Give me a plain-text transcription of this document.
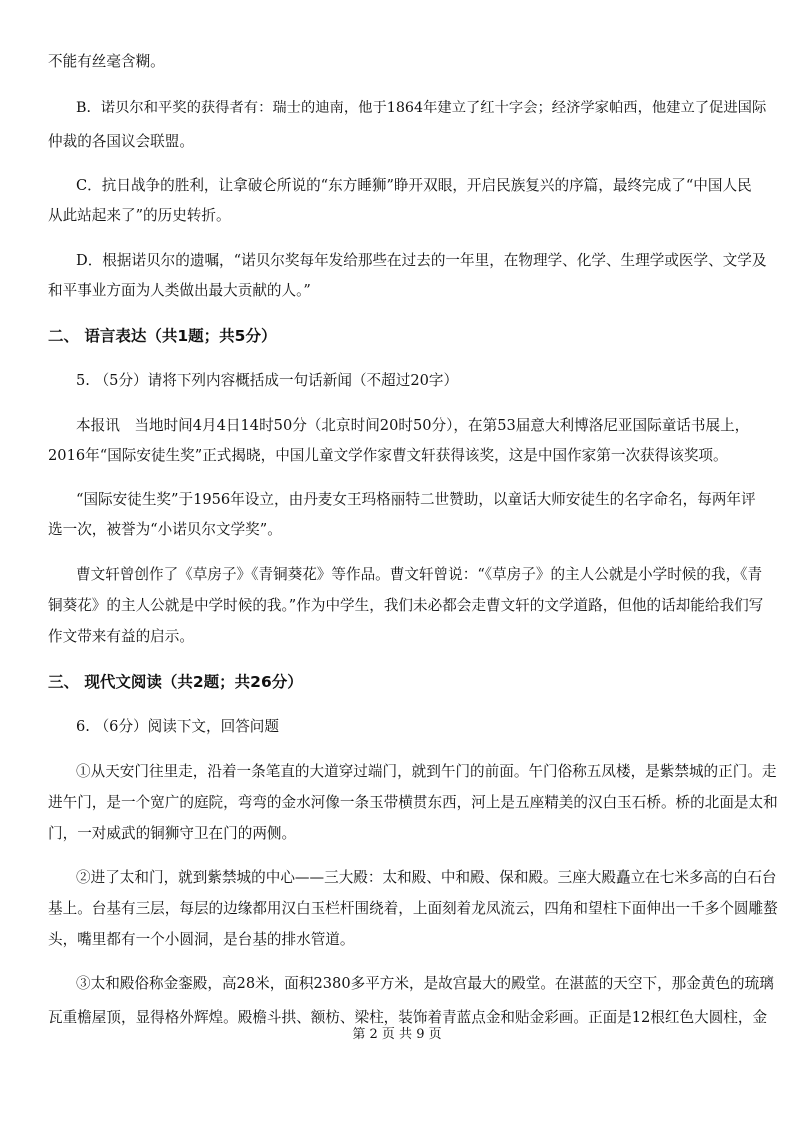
不能有丝毫含糊。
B．诺贝尔和平奖的获得者有：瑞士的迪南，他于1864年建立了红十字会；经济学家帕西，他建立了促进国际
仲裁的各国议会联盟。
C．抗日战争的胜利，让拿破仑所说的“东方睡狮”睁开双眼，开启民族复兴的序篇，最终完成了“中国人民
从此站起来了”的历史转折。
D．根据诺贝尔的遗嘱，“诺贝尔奖每年发给那些在过去的一年里，在物理学、化学、生理学或医学、文学及
和平事业方面为人类做出最大贡献的人。”
二、 语言表达（共1题；共5分）
5. （5分）请将下列内容概括成一句话新闻（不超过20字）
本报讯　当地时间4月4日14时50分（北京时间20时50分），在第53届意大利博洛尼亚国际童话书展上，
2016年“国际安徒生奖”正式揭晓，中国儿童文学作家曹文轩获得该奖，这是中国作家第一次获得该奖项。
“国际安徒生奖”于1956年设立，由丹麦女王玛格丽特二世赞助，以童话大师安徒生的名字命名，每两年评
选一次，被誉为“小诺贝尔文学奖”。
曹文轩曾创作了《草房子》《青铜葵花》等作品。曹文轩曾说：“《草房子》的主人公就是小学时候的我，《青
铜葵花》的主人公就是中学时候的我。”作为中学生，我们未必都会走曹文轩的文学道路，但他的话却能给我们写
作文带来有益的启示。
三、 现代文阅读（共2题；共26分）
6. （6分）阅读下文，回答问题
①从天安门往里走，沿着一条笔直的大道穿过端门，就到午门的前面。午门俗称五凤楼，是紫禁城的正门。走
进午门，是一个宽广的庭院，弯弯的金水河像一条玉带横贯东西，河上是五座精美的汉白玉石桥。桥的北面是太和
门，一对威武的铜狮守卫在门的两侧。
②进了太和门，就到紫禁城的中心——三大殿：太和殿、中和殿、保和殿。三座大殿矗立在七米多高的白石台
基上。台基有三层，每层的边缘都用汉白玉栏杆围绕着，上面刻着龙凤流云，四角和望柱下面伸出一千多个圆雕螯
头，嘴里都有一个小圆洞，是台基的排水管道。
③太和殿俗称金銮殿，高28米，面积2380多平方米，是故宫最大的殿堂。在湛蓝的天空下，那金黄色的琉璃
瓦重檐屋顶，显得格外辉煌。殿檐斗拱、额枋、梁柱，装饰着青蓝点金和贴金彩画。正面是12根红色大圆柱，金
第 2 页 共 9 页
